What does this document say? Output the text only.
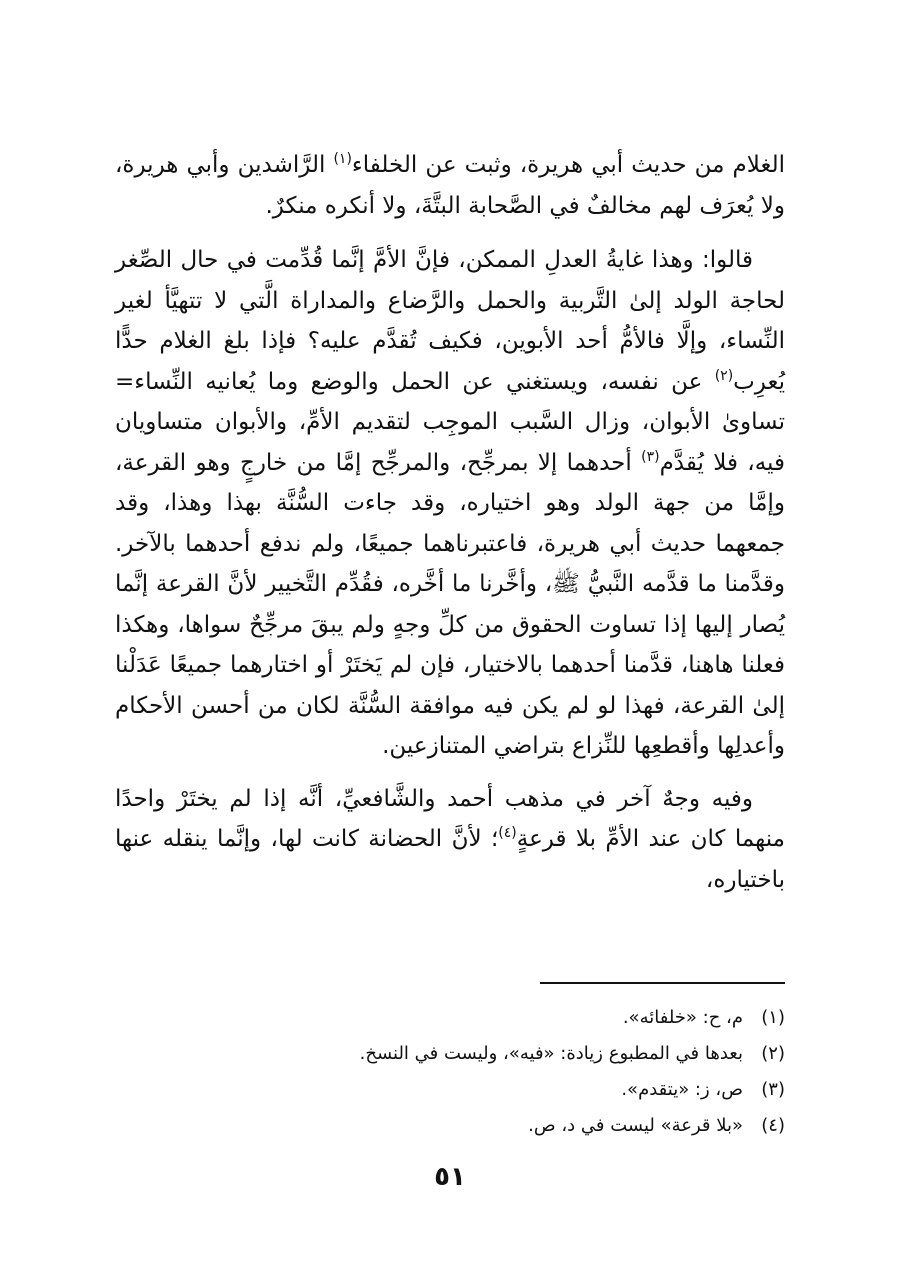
الغلام من حديث أبي هريرة، وثبت عن الخلفاء$^{(١)}$ الرَّاشدين وأبي هريرة، ولا يُعرَف لهم مخالفٌ في الصَّحابة البتَّةَ، ولا أنكره منكرٌ.

قالوا: وهذا غايةُ العدلِ الممكن، فإنَّ الأمَّ إنَّما قُدِّمت في حال الصِّغر لحاجة الولد إلىٰ التَّربية والحمل والرَّضاع والمداراة الَّتي لا تتهيَّأ لغير النِّساء، وإلَّا فالأمُّ أحد الأبوين، فكيف تُقدَّم عليه؟ فإذا بلغ الغلام حدًّا يُعرِب$^{(٢)}$ عن نفسه، ويستغني عن الحمل والوضع وما يُعانيه النِّساء= تساوىٰ الأبوان، وزال السَّبب الموجِب لتقديم الأمِّ، والأبوان متساويان فيه، فلا يُقدَّم$^{(٣)}$ أحدهما إلا بمرجِّح، والمرجِّح إمَّا من خارجٍ وهو القرعة، وإمَّا من جهة الولد وهو اختياره، وقد جاءت السُّنَّة بهذا وهذا، وقد جمعهما حديث أبي هريرة، فاعتبرناهما جميعًا، ولم ندفع أحدهما بالآخر. وقدَّمنا ما قدَّمه النَّبيُّ ﷺ، وأخَّرنا ما أخَّره، فقُدِّم التَّخيير لأنَّ القرعة إنَّما يُصار إليها إذا تساوت الحقوق من كلِّ وجهٍ ولم يبقَ مرجِّحٌ سواها، وهكذا فعلنا هاهنا، قدَّمنا أحدهما بالاختيار، فإن لم يَختَرْ أو اختارهما جميعًا عَدَلْنا إلىٰ القرعة، فهذا لو لم يكن فيه موافقة السُّنَّة لكان من أحسن الأحكام وأعدلِها وأقطعِها للنِّزاع بتراضي المتنازعين.

وفيه وجهٌ آخر في مذهب أحمد والشَّافعيِّ، أنَّه إذا لم يختَرْ واحدًا منهما كان عند الأمِّ بلا قرعةٍ$^{(٤)}$؛ لأنَّ الحضانة كانت لها، وإنَّما ينقله عنها باختياره،

(١)م، ح: «خلفائه».
(٢)بعدها في المطبوع زيادة: «فيه»، وليست في النسخ.
(٣)ص، ز: «يتقدم».
(٤)«بلا قرعة» ليست في د، ص.
٥١
